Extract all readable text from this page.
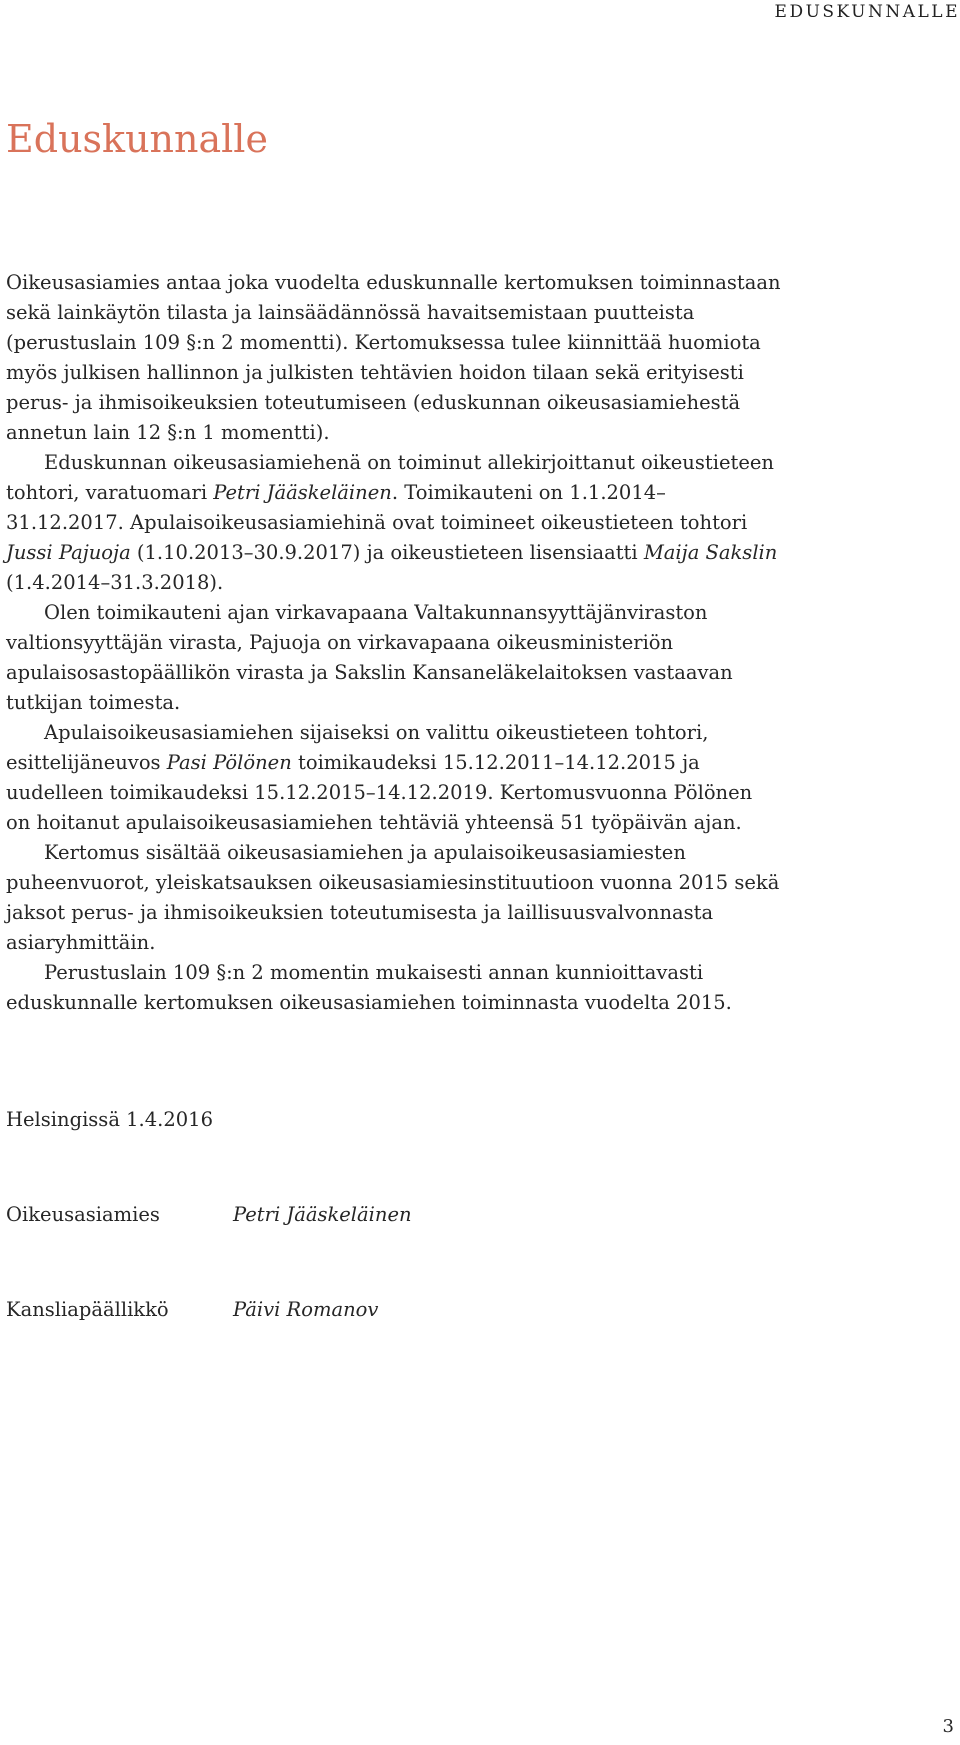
EDUSKUNNALLE
Eduskunnalle

Oikeusasiamies antaa joka vuodelta eduskunnalle kertomuksen toiminnastaan sekä lainkäytön tilasta ja lainsäädännössä havaitsemistaan puutteista (perustuslain 109 §:n 2 momentti). Kertomuksessa tulee kiinnittää huomiota myös julkisen hallinnon ja julkisten tehtävien hoidon tilaan sekä erityisesti perus- ja ihmisoikeuksien toteutumiseen (eduskunnan oikeusasiamiehestä annetun lain 12 §:n 1 momentti).

Eduskunnan oikeusasiamiehenä on toiminut allekirjoittanut oikeustieteen tohtori, varatuomari Petri Jääskeläinen. Toimikauteni on 1.1.2014–31.12.2017. Apulaisoikeusasiamiehinä ovat toimineet oikeustieteen tohtori Jussi Pajuoja (1.10.2013–30.9.2017) ja oikeustieteen lisensiaatti Maija Sakslin (1.4.2014–31.3.2018).

Olen toimikauteni ajan virkavapaana Valtakunnansyyttäjänviraston valtionsyyttäjän virasta, Pajuoja on virkavapaana oikeusministeriön apulaisosastopäällikön virasta ja Sakslin Kansaneläkelaitoksen vastaavan tutkijan toimesta.

Apulaisoikeusasiamiehen sijaiseksi on valittu oikeustieteen tohtori, esittelijäneuvos Pasi Pölönen toimikaudeksi 15.12.2011–14.12.2015 ja uudelleen toimikaudeksi 15.12.2015–14.12.2019. Kertomusvuonna Pölönen on hoitanut apulaisoikeusasiamiehen tehtäviä yhteensä 51 työpäivän ajan.

Kertomus sisältää oikeusasiamiehen ja apulaisoikeusasiamiesten puheenvuorot, yleiskatsauksen oikeusasiamiesinstituutioon vuonna 2015 sekä jaksot perus- ja ihmisoikeuksien toteutumisesta ja laillisuusvalvonnasta asiaryhmittäin.

Perustuslain 109 §:n 2 momentin mukaisesti annan kunnioittavasti eduskunnalle kertomuksen oikeusasiamiehen toiminnasta vuodelta 2015.

Helsingissä 1.4.2016
Oikeusasiamies	Petri Jääskeläinen
Kansliapäällikkö	Päivi Romanov
3
